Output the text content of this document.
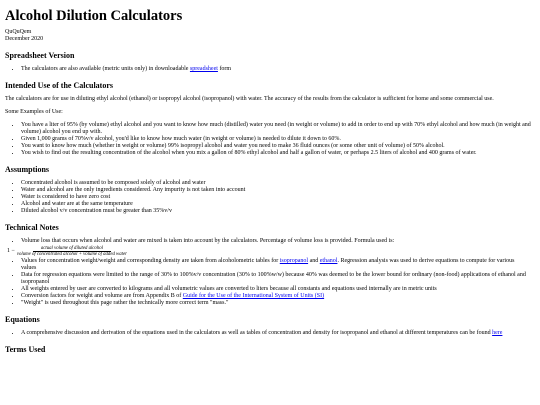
Alcohol Dilution Calculators
QuQuQem
December 2020
Spreadsheet Version
• The calculators are also available (metric units only) in downloadable spreadsheet form
Intended Use of the Calculators

The calculators are for use in diluting ethyl alcohol (ethanol) or isopropyl alcohol (isopropanol) with water. The accuracy of the results from the calculator is sufficient for home and some commercial use.

Some Examples of Use:

• You have a liter of 95% (by volume) ethyl alcohol and you want to know how much (distilled) water you need (in weight or volume) to add in order to end up with 70% ethyl alcohol and how much (in weight and volume) alcohol you end up with.
• Given 1,000 grams of 70%v/v alcohol, you'd like to know how much water (in weight or volume) is needed to dilute it down to 60%.
• You want to know how much (whether in weight or volume) 99% isopropyl alcohol and water you need to make 36 fluid ounces (or some other unit of volume) of 50% alcohol.
• You wish to find out the resulting concentration of the alcohol when you mix a gallon of 80% ethyl alcohol and half a gallon of water, or perhaps 2.5 liters of alcohol and 400 grams of water.
Assumptions
• Concentrated alcohol is assumed to be composed solely of alcohol and water
• Water and alcohol are the only ingredients considered. Any impurity is not taken into account
• Water is considered to have zero cost
• Alcohol and water are at the same temperature
• Diluted alcohol v/v concentration must be greater than 35%v/v
Technical Notes
• Volume loss that occurs when alcohol and water are mixed is taken into account by the calculators. Percentage of volume loss is provided. Formula used is:
$1 - \frac{\text{actual volume of diluted alcohol}}{\text{volume of concentrated alcohol + volume of added water}}$
• Values for concentration weight/weight and corresponding density are taken from alcoholometric tables for isopropanol and ethanol. Regression analysis was used to derive equations to compute for various values
• Data for regression equations were limited to the range of 30% to 100%v/v concentration (30% to 100%w/w) because 40% was deemed to be the lower bound for ordinary (non-food) applications of ethanol and isopropanol
• All weights entered by user are converted to kilograms and all volumetric values are converted to liters because all constants and equations used internally are in metric units
• Conversion factors for weight and volume are from Appendix B of Guide for the Use of the International System of Units (SI)
• "Weight" is used throughout this page rather the technically more correct term "mass."
Equations
• A comprehensive discussion and derivation of the equations used in the calculators as well as tables of concentration and density for isopropanol and ethanol at different temperatures can be found here
Terms Used
